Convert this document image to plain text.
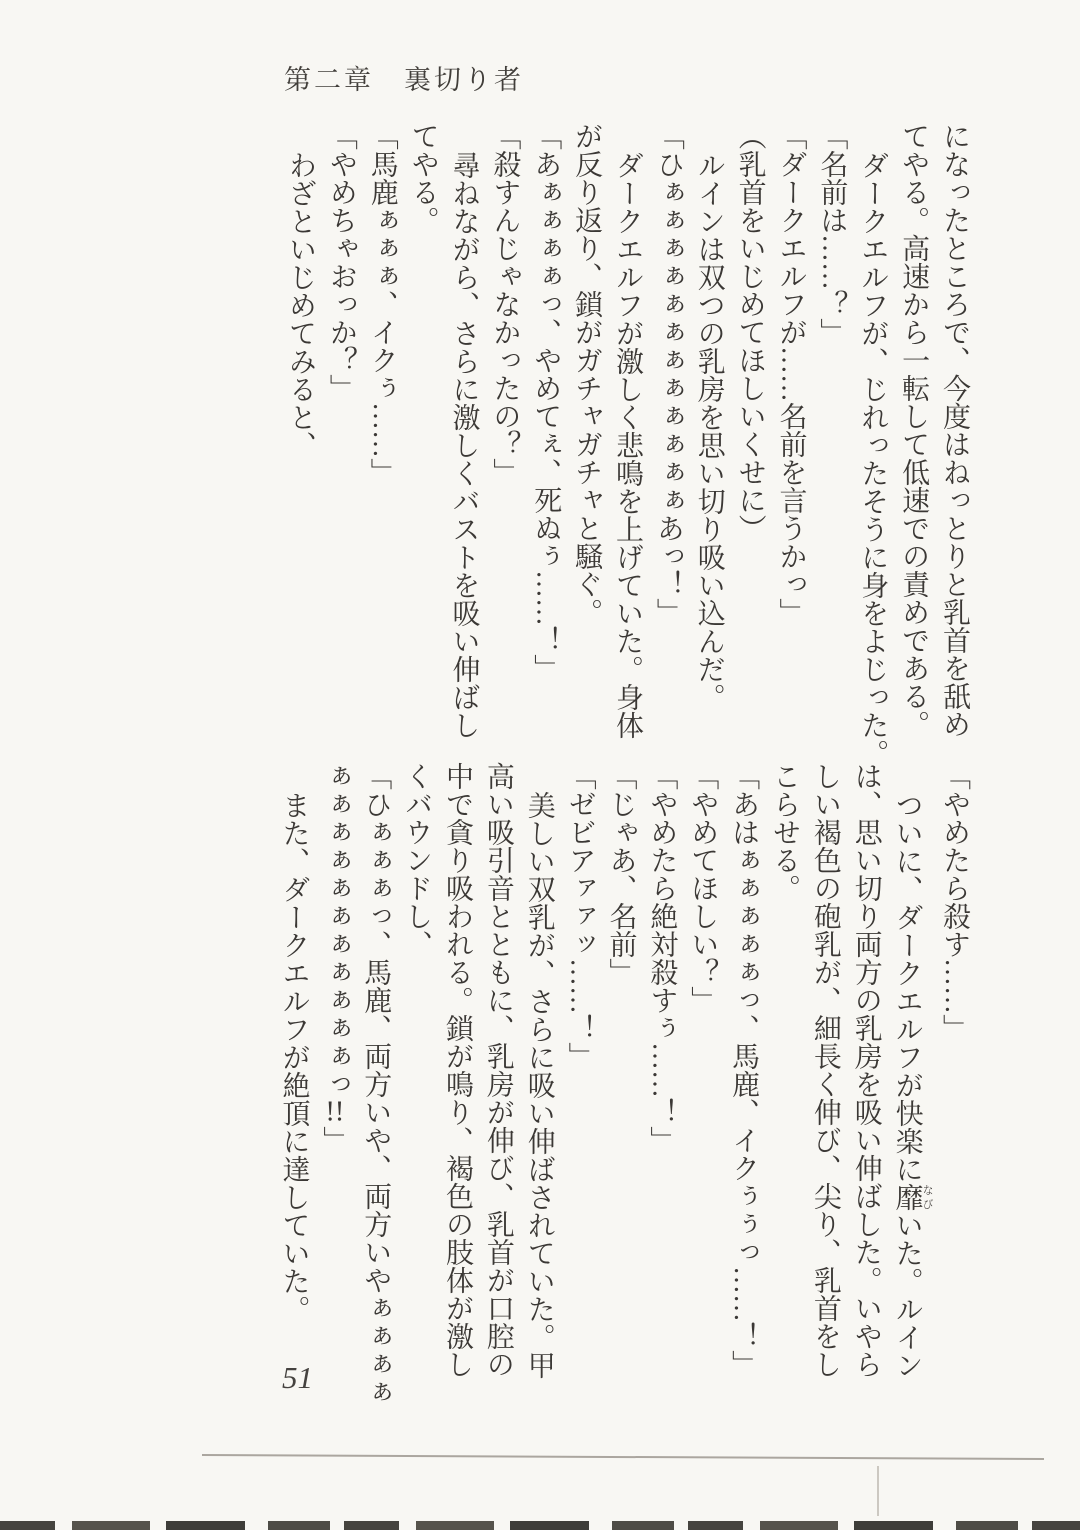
第二章　裏切り者

になったところで、今度はねっとりと乳首を舐め

てやる。高速から一転して低速での責めである。

ダークエルフが、じれったそうに身をよじった。

「名前は……？」

「ダークエルフが……名前を言うかっ」

（乳首をいじめてほしいくせに）

ルインは双つの乳房を思い切り吸い込んだ。

「ひぁぁぁぁぁぁぁぁぁぁぁぁあっ！」

ダークエルフが激しく悲鳴を上げていた。身体

が反り返り、鎖がガチャガチャと騒ぐ。

「あぁぁぁぁっ、やめてぇ、死ぬぅ……！」

「殺すんじゃなかったの？」

尋ねながら、さらに激しくバストを吸い伸ばし

てやる。

「馬鹿ぁぁぁ、イクぅ……」

「やめちゃおっか？」

わざといじめてみると、

「やめたら殺す……」

ついに、ダークエルフが快楽に靡なびいた。ルイン

は、思い切り両方の乳房を吸い伸ばした。いやら

しい褐色の砲乳が、細長く伸び、尖り、乳首をし

こらせる。

「あはぁぁぁぁぁっ、馬鹿、イクぅぅっ……！」

「やめてほしい？」

「やめたら絶対殺すぅ……！」

「じゃあ、名前」

「ゼビアァァッ……！」

美しい双乳が、さらに吸い伸ばされていた。甲

高い吸引音とともに、乳房が伸び、乳首が口腔の

中で貪り吸われる。鎖が鳴り、褐色の肢体が激し

くバウンドし、

「ひぁぁぁっ、馬鹿、両方いや、両方いやぁぁぁぁ

ぁぁぁぁぁぁぁぁぁぁぁっ!!」

また、ダークエルフが絶頂に達していた。

51
